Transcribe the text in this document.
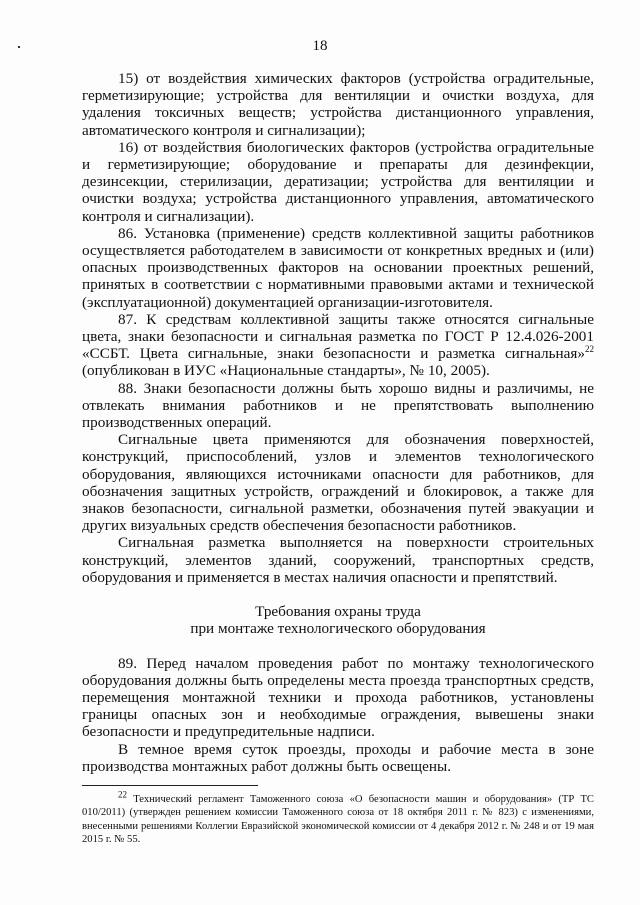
18

15) от воздействия химических факторов (устройства оградительные, герметизирующие; устройства для вентиляции и очистки воздуха, для удаления токсичных веществ; устройства дистанционного управления, автоматического контроля и сигнализации);

16) от воздействия биологических факторов (устройства оградительные и герметизирующие; оборудование и препараты для дезинфекции, дезинсекции, стерилизации, дератизации; устройства для вентиляции и очистки воздуха; устройства дистанционного управления, автоматического контроля и сигнализации).

86. Установка (применение) средств коллективной защиты работников осуществляется работодателем в зависимости от конкретных вредных и (или) опасных производственных факторов на основании проектных решений, принятых в соответствии с нормативными правовыми актами и технической (эксплуатационной) документацией организации-изготовителя.

87. К средствам коллективной защиты также относятся сигнальные цвета, знаки безопасности и сигнальная разметка по ГОСТ Р 12.4.026-2001 «ССБТ. Цвета сигнальные, знаки безопасности и разметка сигнальная»$^{22}$ (опубликован в ИУС «Национальные стандарты», № 10, 2005).

88. Знаки безопасности должны быть хорошо видны и различимы, не отвлекать внимания работников и не препятствовать выполнению производственных операций.

Сигнальные цвета применяются для обозначения поверхностей, конструкций, приспособлений, узлов и элементов технологического оборудования, являющихся источниками опасности для работников, для обозначения защитных устройств, ограждений и блокировок, а также для знаков безопасности, сигнальной разметки, обозначения путей эвакуации и других визуальных средств обеспечения безопасности работников.

Сигнальная разметка выполняется на поверхности строительных конструкций, элементов зданий, сооружений, транспортных средств, оборудования и применяется в местах наличия опасности и препятствий.

Требования охраны труда

при монтаже технологического оборудования

89. Перед началом проведения работ по монтажу технологического оборудования должны быть определены места проезда транспортных средств, перемещения монтажной техники и прохода работников, установлены границы опасных зон и необходимые ограждения, вывешены знаки безопасности и предупредительные надписи.

В темное время суток проезды, проходы и рабочие места в зоне производства монтажных работ должны быть освещены.

$^{22}$ Технический регламент Таможенного союза «О безопасности машин и оборудования» (ТР ТС 010/2011) (утвержден решением комиссии Таможенного союза от 18 октября 2011 г. № 823) с изменениями, внесенными решениями Коллегии Евразийской экономической комиссии от 4 декабря 2012 г. № 248 и от 19 мая 2015 г. № 55.
